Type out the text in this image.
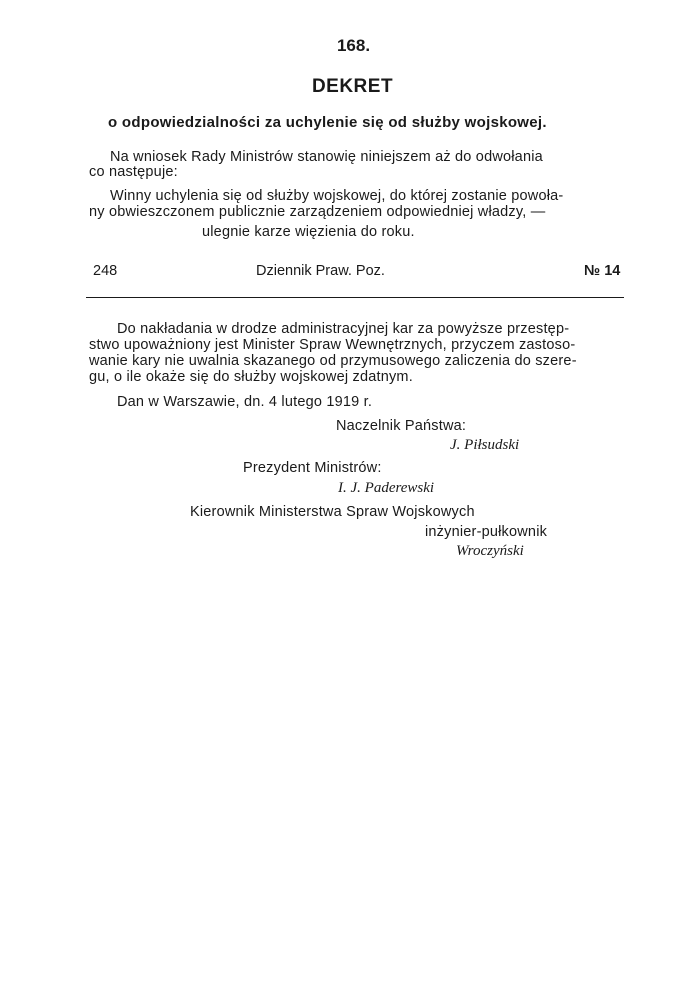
168.
DEKRET
o odpowiedzialności za uchylenie się od służby wojskowej.
Na wniosek Rady Ministrów stanowię niniejszem aż do odwołania
co następuje:
Winny uchylenia się od służby wojskowej, do której zostanie powoła-
ny obwieszczonem publicznie zarządzeniem odpowiedniej władzy, —
ulegnie karze więzienia do roku.
248	Dziennik Praw. Poz.	№ 14
Do nakładania w drodze administracyjnej kar za powyższe przestęp-
stwo upoważniony jest Minister Spraw Wewnętrznych, przyczem zastoso-
wanie kary nie uwalnia skazanego od przymusowego zaliczenia do szere-
gu, o ile okaże się do służby wojskowej zdatnym.
Dan w Warszawie, dn. 4 lutego 1919 r.
Naczelnik Państwa:
J. Piłsudski
Prezydent Ministrów:
I. J. Paderewski
Kierownik Ministerstwa Spraw Wojskowych
inżynier-pułkownik
Wroczyński
